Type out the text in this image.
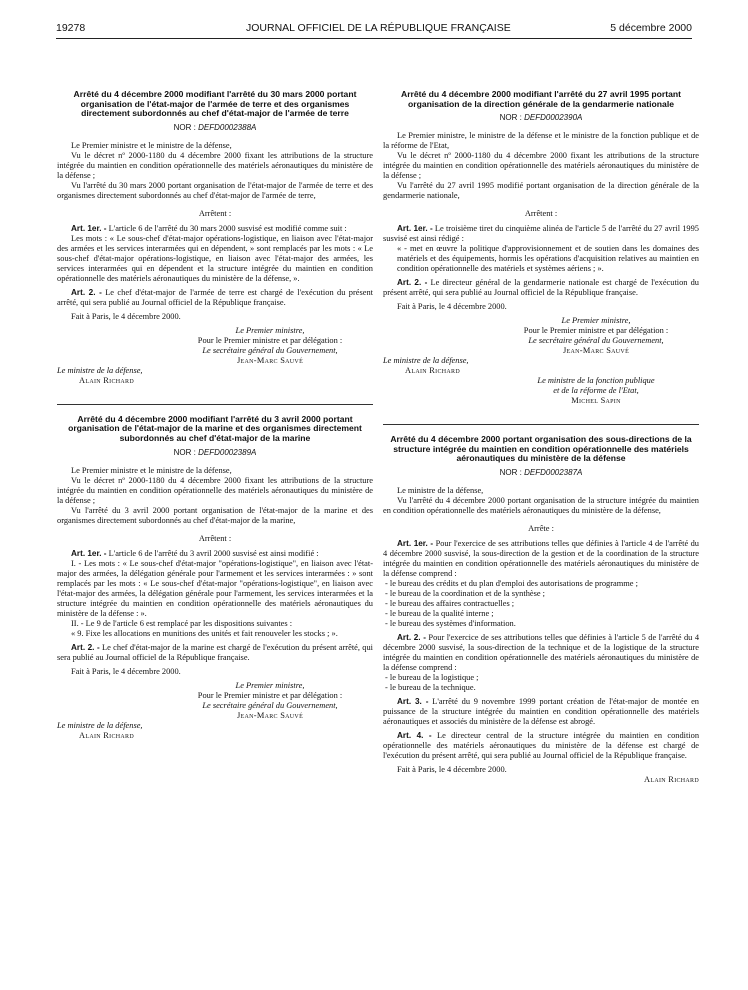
19278	JOURNAL OFFICIEL DE LA RÉPUBLIQUE FRANÇAISE	5 décembre 2000
Arrêté du 4 décembre 2000 modifiant l'arrêté du 30 mars 2000 portant organisation de l'état-major de l'armée de terre et des organismes directement subordonnés au chef d'état-major de l'armée de terre
NOR : DEFD0002388A

Le Premier ministre et le ministre de la défense,

Vu le décret nº 2000-1180 du 4 décembre 2000 fixant les attributions de la structure intégrée du maintien en condition opérationnelle des matériels aéronautiques du ministère de la défense ;

Vu l'arrêté du 30 mars 2000 portant organisation de l'état-major de l'armée de terre et des organismes directement subordonnés au chef d'état-major de l'armée de terre,

Arrêtent :

Art. 1er. - L'article 6 de l'arrêté du 30 mars 2000 susvisé est modifié comme suit :

Les mots : « Le sous-chef d'état-major opérations-logistique, en liaison avec l'état-major des armées et les services interarmées qui en dépendent, » sont remplacés par les mots : « Le sous-chef d'état-major opérations-logistique, en liaison avec l'état-major des armées, les services interarmées qui en dépendent et la structure intégrée du maintien en condition opérationnelle des matériels aéronautiques du ministère de la défense, ».

Art. 2. - Le chef d'état-major de l'armée de terre est chargé de l'exécution du présent arrêté, qui sera publié au Journal officiel de la République française.

Fait à Paris, le 4 décembre 2000.

Le Premier ministre,

Pour le Premier ministre et par délégation :

Le secrétaire général du Gouvernement,

Jean-Marc Sauvé

Le ministre de la défense,

Alain Richard

Arrêté du 4 décembre 2000 modifiant l'arrêté du 3 avril 2000 portant organisation de l'état-major de la marine et des organismes directement subordonnés au chef d'état-major de la marine
NOR : DEFD0002389A

Le Premier ministre et le ministre de la défense,

Vu le décret nº 2000-1180 du 4 décembre 2000 fixant les attributions de la structure intégrée du maintien en condition opérationnelle des matériels aéronautiques du ministère de la défense ;

Vu l'arrêté du 3 avril 2000 portant organisation de l'état-major de la marine et des organismes directement subordonnés au chef d'état-major de la marine,

Arrêtent :

Art. 1er. - L'article 6 de l'arrêté du 3 avril 2000 susvisé est ainsi modifié :

I. - Les mots : « Le sous-chef d'état-major "opérations-logistique", en liaison avec l'état-major des armées, la délégation générale pour l'armement et les services interarmées : » sont remplacés par les mots : « Le sous-chef d'état-major "opérations-logistique", en liaison avec l'état-major des armées, la délégation générale pour l'armement, les services interarmées et la structure intégrée du maintien en condition opérationnelle des matériels aéronautiques du ministère de la défense : ».

II. - Le 9 de l'article 6 est remplacé par les dispositions suivantes :

« 9. Fixe les allocations en munitions des unités et fait renouveler les stocks ; ».

Art. 2. - Le chef d'état-major de la marine est chargé de l'exécution du présent arrêté, qui sera publié au Journal officiel de la République française.

Fait à Paris, le 4 décembre 2000.

Le Premier ministre,

Pour le Premier ministre et par délégation :

Le secrétaire général du Gouvernement,

Jean-Marc Sauvé

Le ministre de la défense,

Alain Richard

Arrêté du 4 décembre 2000 modifiant l'arrêté du 27 avril 1995 portant organisation de la direction générale de la gendarmerie nationale
NOR : DEFD0002390A

Le Premier ministre, le ministre de la défense et le ministre de la fonction publique et de la réforme de l'Etat,

Vu le décret nº 2000-1180 du 4 décembre 2000 fixant les attributions de la structure intégrée du maintien en condition opérationnelle des matériels aéronautiques du ministère de la défense ;

Vu l'arrêté du 27 avril 1995 modifié portant organisation de la direction générale de la gendarmerie nationale,

Arrêtent :

Art. 1er. - Le troisième tiret du cinquième alinéa de l'article 5 de l'arrêté du 27 avril 1995 susvisé est ainsi rédigé :

« - met en œuvre la politique d'approvisionnement et de soutien dans les domaines des matériels et des équipements, hormis les opérations d'acquisition relatives au maintien en condition opérationnelle des matériels et systèmes aériens ; ».

Art. 2. - Le directeur général de la gendarmerie nationale est chargé de l'exécution du présent arrêté, qui sera publié au Journal officiel de la République française.

Fait à Paris, le 4 décembre 2000.

Le Premier ministre,

Pour le Premier ministre et par délégation :

Le secrétaire général du Gouvernement,

Jean-Marc Sauvé

Le ministre de la défense,

Alain Richard

Le ministre de la fonction publique

et de la réforme de l'Etat,

Michel Sapin

Arrêté du 4 décembre 2000 portant organisation des sous-directions de la structure intégrée du maintien en condition opérationnelle des matériels aéronautiques du ministère de la défense
NOR : DEFD0002387A

Le ministre de la défense,

Vu l'arrêté du 4 décembre 2000 portant organisation de la structure intégrée du maintien en condition opérationnelle des matériels aéronautiques du ministère de la défense,

Arrête :

Art. 1er. - Pour l'exercice de ses attributions telles que définies à l'article 4 de l'arrêté du 4 décembre 2000 susvisé, la sous-direction de la gestion et de la coordination de la structure intégrée du maintien en condition opérationnelle des matériels aéronautiques du ministère de la défense comprend :

- le bureau des crédits et du plan d'emploi des autorisations de programme ;

- le bureau de la coordination et de la synthèse ;

- le bureau des affaires contractuelles ;

- le bureau de la qualité interne ;

- le bureau des systèmes d'information.

Art. 2. - Pour l'exercice de ses attributions telles que définies à l'article 5 de l'arrêté du 4 décembre 2000 susvisé, la sous-direction de la technique et de la logistique de la structure intégrée du maintien en condition opérationnelle des matériels aéronautiques du ministère de la défense comprend :

- le bureau de la logistique ;

- le bureau de la technique.

Art. 3. - L'arrêté du 9 novembre 1999 portant création de l'état-major de montée en puissance de la structure intégrée du maintien en condition opérationnelle des matériels aéronautiques et associés du ministère de la défense est abrogé.

Art. 4. - Le directeur central de la structure intégrée du maintien en condition opérationnelle des matériels aéronautiques du ministère de la défense est chargé de l'exécution du présent arrêté, qui sera publié au Journal officiel de la République française.

Fait à Paris, le 4 décembre 2000.

Alain Richard
